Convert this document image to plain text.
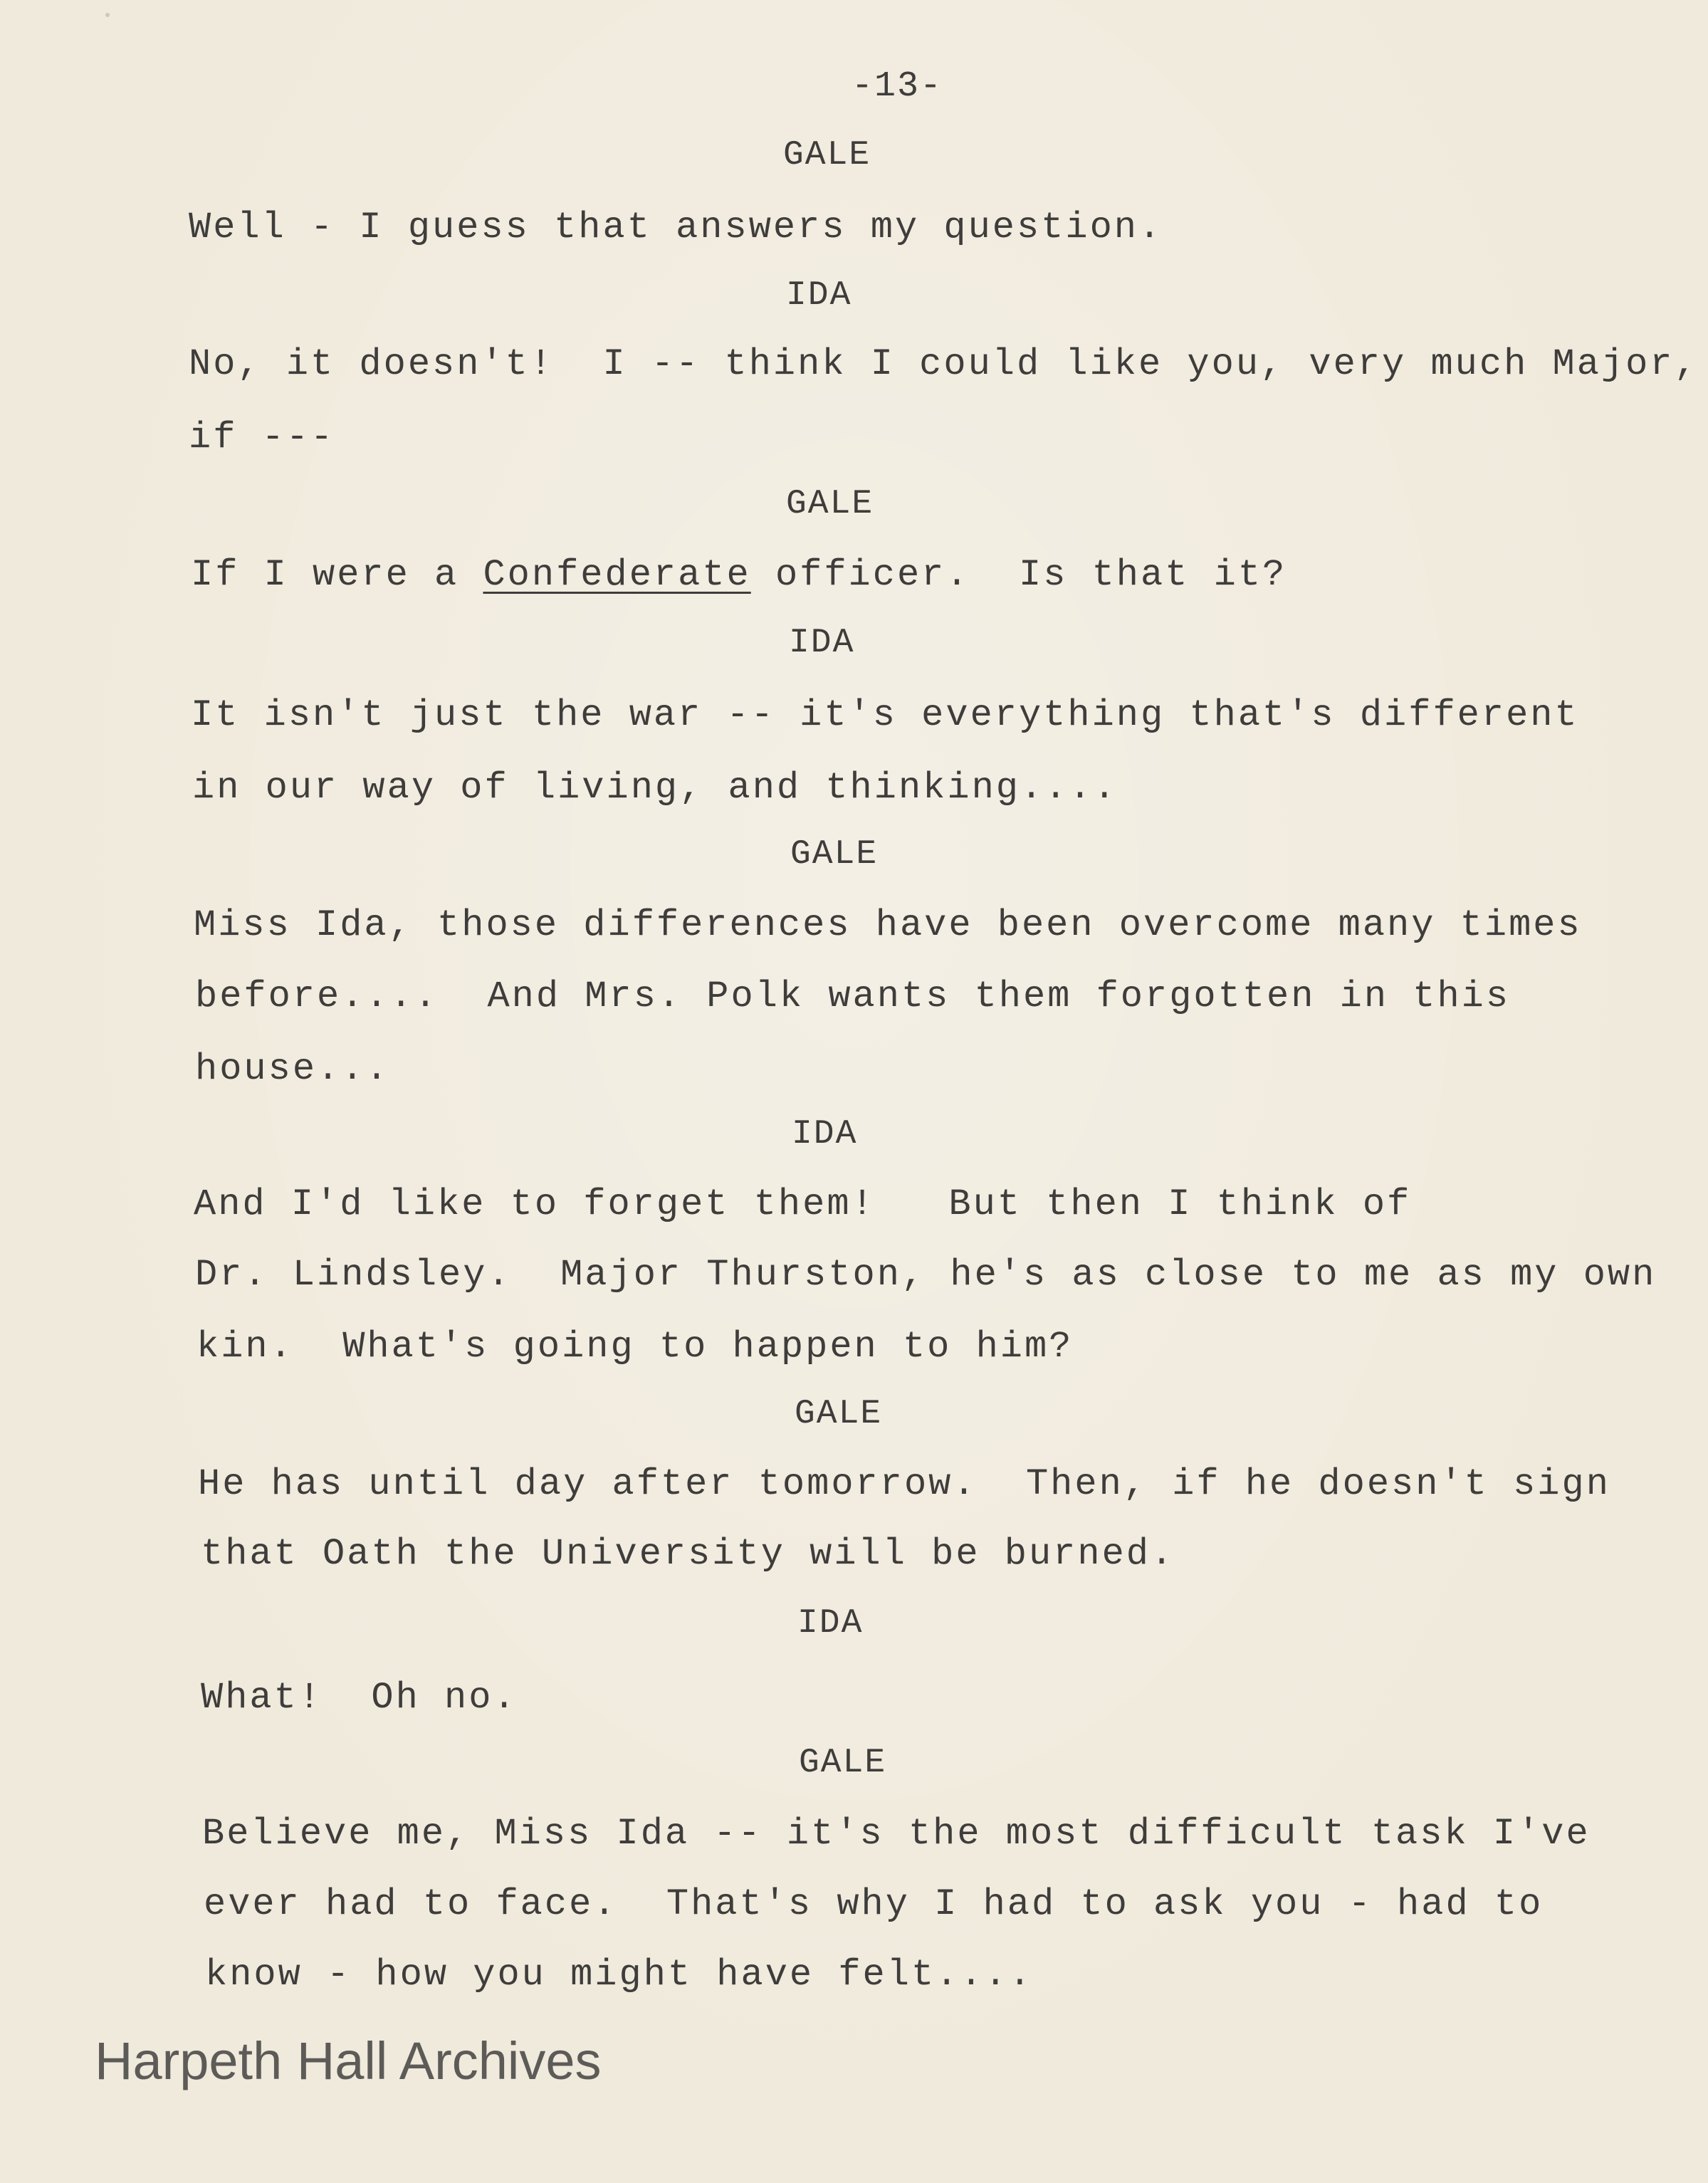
-13-
GALE
Well - I guess that answers my question.
IDA
No, it doesn't!  I -- think I could like you, very much Major,
if ---
GALE
If I were a Confederate officer.  Is that it?
IDA
It isn't just the war -- it's everything that's different
in our way of living, and thinking....
GALE
Miss Ida, those differences have been overcome many times
before....  And Mrs. Polk wants them forgotten in this
house...
IDA
And I'd like to forget them!   But then I think of
Dr. Lindsley.  Major Thurston, he's as close to me as my own
kin.  What's going to happen to him?
GALE
He has until day after tomorrow.  Then, if he doesn't sign
that Oath the University will be burned.
IDA
What!  Oh no.
GALE
Believe me, Miss Ida -- it's the most difficult task I've
ever had to face.  That's why I had to ask you - had to
know - how you might have felt....
Harpeth Hall Archives
